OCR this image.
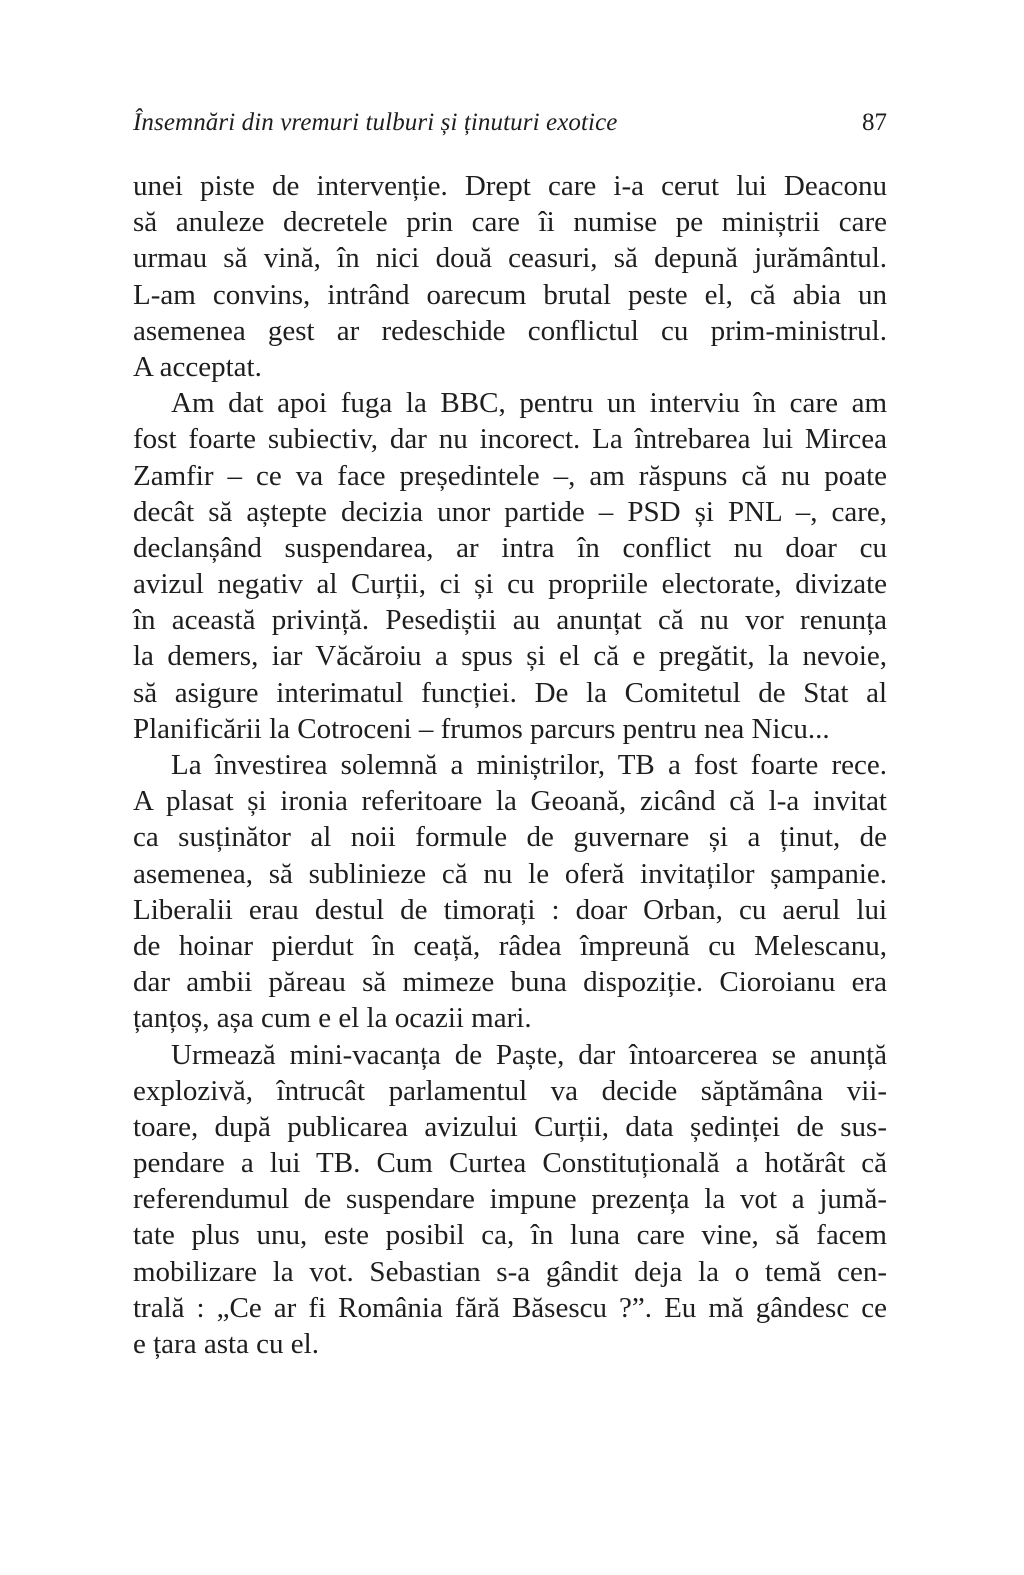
Însemnări din vremuri tulburi și ținuturi exotice	87
unei piste de intervenție. Drept care i-a cerut lui Deaconu
să anuleze decretele prin care îi numise pe miniștrii care
urmau să vină, în nici două ceasuri, să depună jurământul.
L-am convins, intrând oarecum brutal peste el, că abia un
asemenea gest ar redeschide conflictul cu prim-ministrul.
A acceptat.
Am dat apoi fuga la BBC, pentru un interviu în care am
fost foarte subiectiv, dar nu incorect. La întrebarea lui Mircea
Zamfir – ce va face președintele –, am răspuns că nu poate
decât să aștepte decizia unor partide – PSD și PNL –, care,
declanșând suspendarea, ar intra în conflict nu doar cu
avizul negativ al Curții, ci și cu propriile electorate, divizate
în această privință. Pesediștii au anunțat că nu vor renunța
la demers, iar Văcăroiu a spus și el că e pregătit, la nevoie,
să asigure interimatul funcției. De la Comitetul de Stat al
Planificării la Cotroceni – frumos parcurs pentru nea Nicu...
La învestirea solemnă a miniștrilor, TB a fost foarte rece.
A plasat și ironia referitoare la Geoană, zicând că l-a invitat
ca susținător al noii formule de guvernare și a ținut, de
asemenea, să sublinieze că nu le oferă invitaților șampanie.
Liberalii erau destul de timorați : doar Orban, cu aerul lui
de hoinar pierdut în ceață, râdea împreună cu Melescanu,
dar ambii păreau să mimeze buna dispoziție. Cioroianu era
țanțoș, așa cum e el la ocazii mari.
Urmează mini-vacanța de Paște, dar întoarcerea se anunță
explozivă, întrucât parlamentul va decide săptămâna vii-
toare, după publicarea avizului Curții, data ședinței de sus-
pendare a lui TB. Cum Curtea Constituțională a hotărât că
referendumul de suspendare impune prezența la vot a jumă-
tate plus unu, este posibil ca, în luna care vine, să facem
mobilizare la vot. Sebastian s-a gândit deja la o temă cen-
trală : „Ce ar fi România fără Băsescu ?”. Eu mă gândesc ce
e țara asta cu el.
